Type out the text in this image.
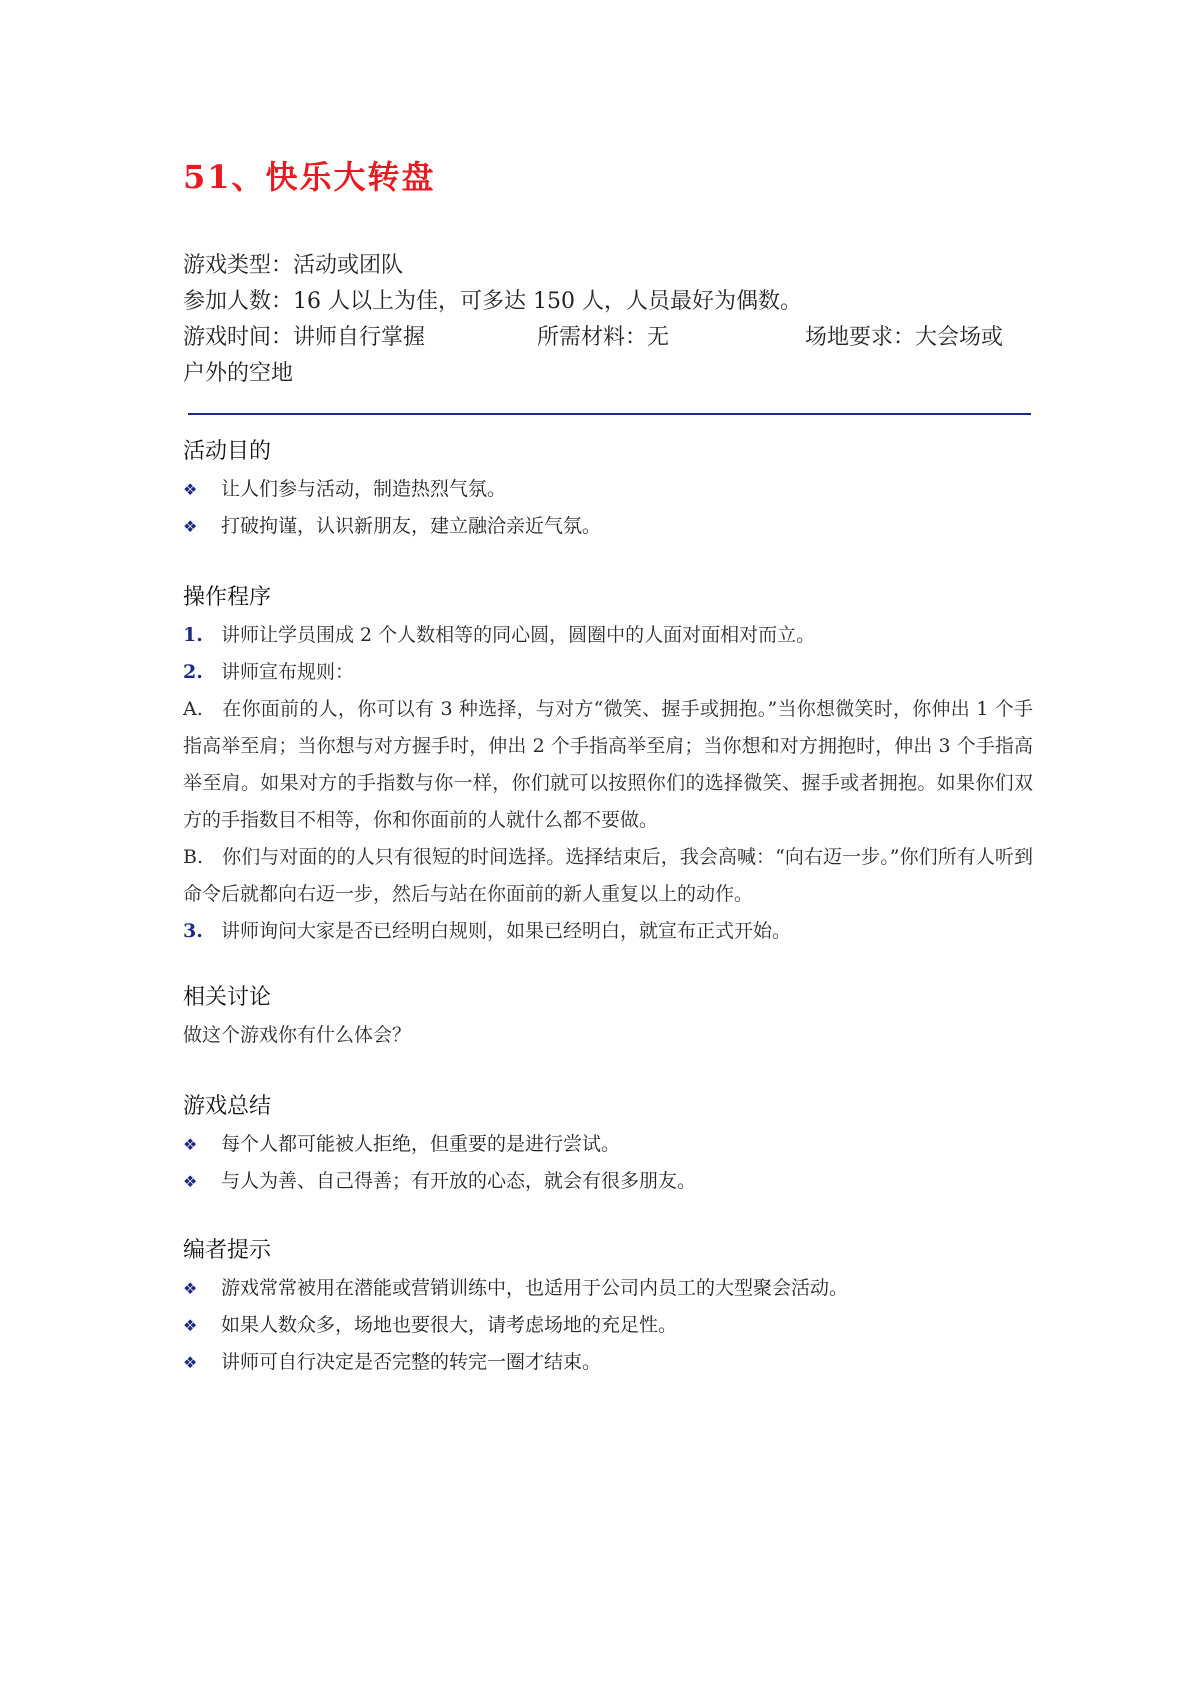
51、快乐大转盘
游戏类型：活动或团队
参加人数：16 人以上为佳，可多达 150 人，人员最好为偶数。
游戏时间：讲师自行掌握	所需材料：无	场地要求：大会场或
户外的空地
活动目的
❖	让人们参与活动，制造热烈气氛。
❖	打破拘谨，认识新朋友，建立融洽亲近气氛。
操作程序
1. 讲师让学员围成 2 个人数相等的同心圆，圆圈中的人面对面相对而立。
2. 讲师宣布规则：
A.　在你面前的人，你可以有 3 种选择，与对方“微笑、握手或拥抱。”当你想微笑时，你伸出 1 个手指高举至肩；当你想与对方握手时，伸出 2 个手指高举至肩；当你想和对方拥抱时，伸出 3 个手指高举至肩。如果对方的手指数与你一样，你们就可以按照你们的选择微笑、握手或者拥抱。如果你们双方的手指数目不相等，你和你面前的人就什么都不要做。
B.　你们与对面的的人只有很短的时间选择。选择结束后，我会高喊：“向右迈一步。”你们所有人听到命令后就都向右迈一步，然后与站在你面前的新人重复以上的动作。
3. 讲师询问大家是否已经明白规则，如果已经明白，就宣布正式开始。
相关讨论
做这个游戏你有什么体会？
游戏总结
❖	每个人都可能被人拒绝，但重要的是进行尝试。
❖	与人为善、自己得善；有开放的心态，就会有很多朋友。
编者提示
❖	游戏常常被用在潜能或营销训练中，也适用于公司内员工的大型聚会活动。
❖	如果人数众多，场地也要很大，请考虑场地的充足性。
❖	讲师可自行决定是否完整的转完一圈才结束。
